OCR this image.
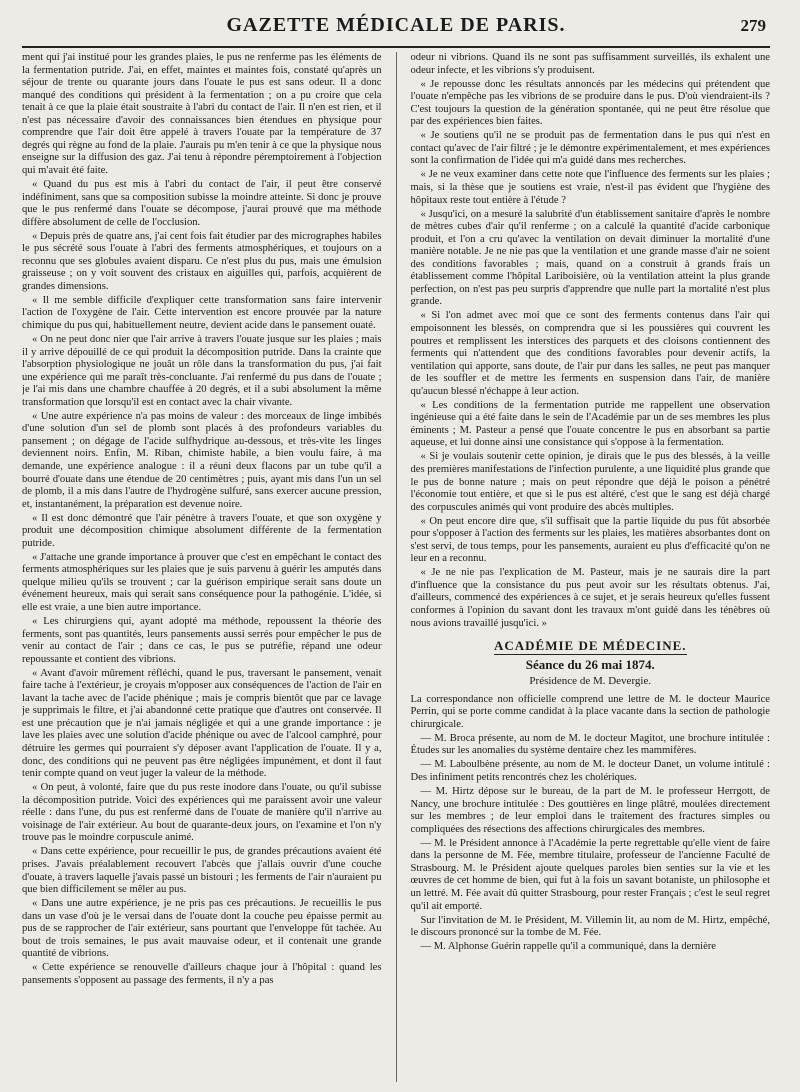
GAZETTE MÉDICALE DE PARIS.	279

ment qui j'ai institué pour les grandes plaies, le pus ne renferme pas les éléments de la fermentation putride. J'ai, en effet, maintes et maintes fois, constaté qu'après un séjour de trente ou quarante jours dans l'ouate le pus est sans odeur. Il a donc manqué des conditions qui président à la fermentation ; on a pu croire que cela tenait à ce que la plaie était soustraite à l'abri du contact de l'air. Il n'en est rien, et il n'est pas nécessaire d'avoir des connaissances bien étendues en physique pour comprendre que l'air doit être appelé à travers l'ouate par la température de 37 degrés qui règne au fond de la plaie. J'aurais pu m'en tenir à ce que la physique nous enseigne sur la diffusion des gaz. J'ai tenu à répondre péremptoirement à l'objection qui m'avait été faite.

« Quand du pus est mis à l'abri du contact de l'air, il peut être conservé indéfiniment, sans que sa composition subisse la moindre atteinte. Si donc je prouve que le pus renfermé dans l'ouate se décompose, j'aurai prouvé que ma méthode diffère absolument de celle de l'occlusion.

« Depuis près de quatre ans, j'ai cent fois fait étudier par des micrographes habiles le pus sécrété sous l'ouate à l'abri des ferments atmosphériques, et toujours on a reconnu que ses globules avaient disparu. Ce n'est plus du pus, mais une émulsion graisseuse ; on y voit souvent des cristaux en aiguilles qui, parfois, acquièrent de grandes dimensions.

« Il me semble difficile d'expliquer cette transformation sans faire intervenir l'action de l'oxygène de l'air. Cette intervention est encore prouvée par la nature chimique du pus qui, habituellement neutre, devient acide dans le pansement ouaté.

« On ne peut donc nier que l'air arrive à travers l'ouate jusque sur les plaies ; mais il y arrive dépouillé de ce qui produit la décomposition putride. Dans la crainte que l'absorption physiologique ne jouât un rôle dans la transformation du pus, j'ai fait une expérience qui me paraît très-concluante. J'ai renfermé du pus dans de l'ouate ; je l'ai mis dans une chambre chauffée à 20 degrés, et il a subi absolument la même transformation que lorsqu'il est en contact avec la chair vivante.

« Une autre expérience n'a pas moins de valeur : des morceaux de linge imbibés d'une solution d'un sel de plomb sont placés à des profondeurs variables du pansement ; on dégage de l'acide sulfhydrique au-dessous, et très-vite les linges deviennent noirs. Enfin, M. Riban, chimiste habile, a bien voulu faire, à ma demande, une expérience analogue : il a réuni deux flacons par un tube qu'il a bourré d'ouate dans une étendue de 20 centimètres ; puis, ayant mis dans l'un un sel de plomb, il a mis dans l'autre de l'hydrogène sulfuré, sans exercer aucune pression, et, instantanément, la préparation est devenue noire.

« Il est donc démontré que l'air pénètre à travers l'ouate, et que son oxygène y produit une décomposition chimique absolument différente de la fermentation putride.

« J'attache une grande importance à prouver que c'est en empêchant le contact des ferments atmosphériques sur les plaies que je suis parvenu à guérir les amputés dans quelque milieu qu'ils se trouvent ; car la guérison empirique serait sans doute un événement heureux, mais qui serait sans conséquence pour la pathogénie. L'idée, si elle est vraie, a une bien autre importance.

« Les chirurgiens qui, ayant adopté ma méthode, repoussent la théorie des ferments, sont pas quantités, leurs pansements aussi serrés pour empêcher le pus de venir au contact de l'air ; dans ce cas, le pus se putréfie, répand une odeur repoussante et contient des vibrions.

« Avant d'avoir mûrement réfléchi, quand le pus, traversant le pansement, venait faire tache à l'extérieur, je croyais m'opposer aux conséquences de l'action de l'air en lavant la tache avec de l'acide phénique ; mais je compris bientôt que par ce lavage je supprimais le filtre, et j'ai abandonné cette pratique que d'autres ont conservée. Il est une précaution que je n'ai jamais négligée et qui a une grande importance : je lave les plaies avec une solution d'acide phénique ou avec de l'alcool camphré, pour détruire les germes qui pourraient s'y déposer avant l'application de l'ouate. Il y a, donc, des conditions qui ne peuvent pas être négligées impunément, et dont il faut tenir compte quand on veut juger la valeur de la méthode.

« On peut, à volonté, faire que du pus reste inodore dans l'ouate, ou qu'il subisse la décomposition putride. Voici des expériences qui me paraissent avoir une valeur réelle : dans l'une, du pus est renfermé dans de l'ouate de manière qu'il n'arrive au voisinage de l'air extérieur. Au bout de quarante-deux jours, on l'examine et l'on n'y trouve pas le moindre corpuscule animé.

« Dans cette expérience, pour recueillir le pus, de grandes précautions avaient été prises. J'avais préalablement recouvert l'abcès que j'allais ouvrir d'une couche d'ouate, à travers laquelle j'avais passé un bistouri ; les ferments de l'air n'auraient pu que bien difficilement se mêler au pus.

« Dans une autre expérience, je ne pris pas ces précautions. Je recueillis le pus dans un vase d'où je le versai dans de l'ouate dont la couche peu épaisse permit au pus de se rapprocher de l'air extérieur, sans pourtant que l'enveloppe fût tachée. Au bout de trois semaines, le pus avait mauvaise odeur, et il contenait une grande quantité de vibrions.

« Cette expérience se renouvelle d'ailleurs chaque jour à l'hôpital : quand les pansements s'opposent au passage des ferments, il n'y a pas

odeur ni vibrions. Quand ils ne sont pas suffisamment surveillés, ils exhalent une odeur infecte, et les vibrions s'y produisent.

« Je repousse donc les résultats annoncés par les médecins qui prétendent que l'ouate n'empêche pas les vibrions de se produire dans le pus. D'où viendraient-ils ? C'est toujours la question de la génération spontanée, qui ne peut être résolue que par des expériences bien faites.

« Je soutiens qu'il ne se produit pas de fermentation dans le pus qui n'est en contact qu'avec de l'air filtré ; je le démontre expérimentalement, et mes expériences sont la confirmation de l'idée qui m'a guidé dans mes recherches.

« Je ne veux examiner dans cette note que l'influence des ferments sur les plaies ; mais, si la thèse que je soutiens est vraie, n'est-il pas évident que l'hygiène des hôpitaux reste tout entière à l'étude ?

« Jusqu'ici, on a mesuré la salubrité d'un établissement sanitaire d'après le nombre de mètres cubes d'air qu'il renferme ; on a calculé la quantité d'acide carbonique produit, et l'on a cru qu'avec la ventilation on devait diminuer la mortalité d'une manière notable. Je ne nie pas que la ventilation et une grande masse d'air ne soient des conditions favorables ; mais, quand on a construit à grands frais un établissement comme l'hôpital Lariboisière, où la ventilation atteint la plus grande perfection, on n'est pas peu surpris d'apprendre que nulle part la mortalité n'est plus grande.

« Si l'on admet avec moi que ce sont des ferments contenus dans l'air qui empoisonnent les blessés, on comprendra que si les poussières qui couvrent les poutres et remplissent les interstices des parquets et des cloisons contiennent des ferments qui n'attendent que des conditions favorables pour devenir actifs, la ventilation qui apporte, sans doute, de l'air pur dans les salles, ne peut pas manquer de les souffler et de mettre les ferments en suspension dans l'air, de manière qu'aucun blessé n'échappe à leur action.

« Les conditions de la fermentation putride me rappellent une observation ingénieuse qui a été faite dans le sein de l'Académie par un de ses membres les plus éminents ; M. Pasteur a pensé que l'ouate concentre le pus en absorbant sa partie aqueuse, et lui donne ainsi une consistance qui s'oppose à la fermentation.

« Si je voulais soutenir cette opinion, je dirais que le pus des blessés, à la veille des premières manifestations de l'infection purulente, a une liquidité plus grande que le pus de bonne nature ; mais on peut répondre que déjà le poison a pénétré l'économie tout entière, et que si le pus est altéré, c'est que le sang est déjà chargé des corpuscules animés qui vont produire des abcès multiples.

« On peut encore dire que, s'il suffisait que la partie liquide du pus fût absorbée pour s'opposer à l'action des ferments sur les plaies, les matières absorbantes dont on s'est servi, de tous temps, pour les pansements, auraient eu plus d'efficacité qu'on ne leur en a reconnu.

« Je ne nie pas l'explication de M. Pasteur, mais je ne saurais dire la part d'influence que la consistance du pus peut avoir sur les résultats obtenus. J'ai, d'ailleurs, commencé des expériences à ce sujet, et je serais heureux qu'elles fussent conformes à l'opinion du savant dont les travaux m'ont guidé dans les ténèbres où nous avions travaillé jusqu'ici. »

ACADÉMIE DE MÉDECINE.
Séance du 26 mai 1874.
Présidence de M. Devergie.

La correspondance non officielle comprend une lettre de M. le docteur Maurice Perrin, qui se porte comme candidat à la place vacante dans la section de pathologie chirurgicale.

— M. Broca présente, au nom de M. le docteur Magitot, une brochure intitulée : Études sur les anomalies du système dentaire chez les mammifères.

— M. Laboulbène présente, au nom de M. le docteur Danet, un volume intitulé : Des infiniment petits rencontrés chez les cholériques.

— M. Hirtz dépose sur le bureau, de la part de M. le professeur Herrgott, de Nancy, une brochure intitulée : Des gouttières en linge plâtré, moulées directement sur les membres ; de leur emploi dans le traitement des fractures simples ou compliquées des résections des affections chirurgicales des membres.

— M. le Président annonce à l'Académie la perte regrettable qu'elle vient de faire dans la personne de M. Fée, membre titulaire, professeur de l'ancienne Faculté de Strasbourg. M. le Président ajoute quelques paroles bien senties sur la vie et les œuvres de cet homme de bien, qui fut à la fois un savant botaniste, un philosophe et un lettré. M. Fée avait dû quitter Strasbourg, pour rester Français ; c'est le seul regret qu'il ait emporté.

Sur l'invitation de M. le Président, M. Villemin lit, au nom de M. Hirtz, empêché, le discours prononcé sur la tombe de M. Fée.

— M. Alphonse Guérin rappelle qu'il a communiqué, dans la dernière
